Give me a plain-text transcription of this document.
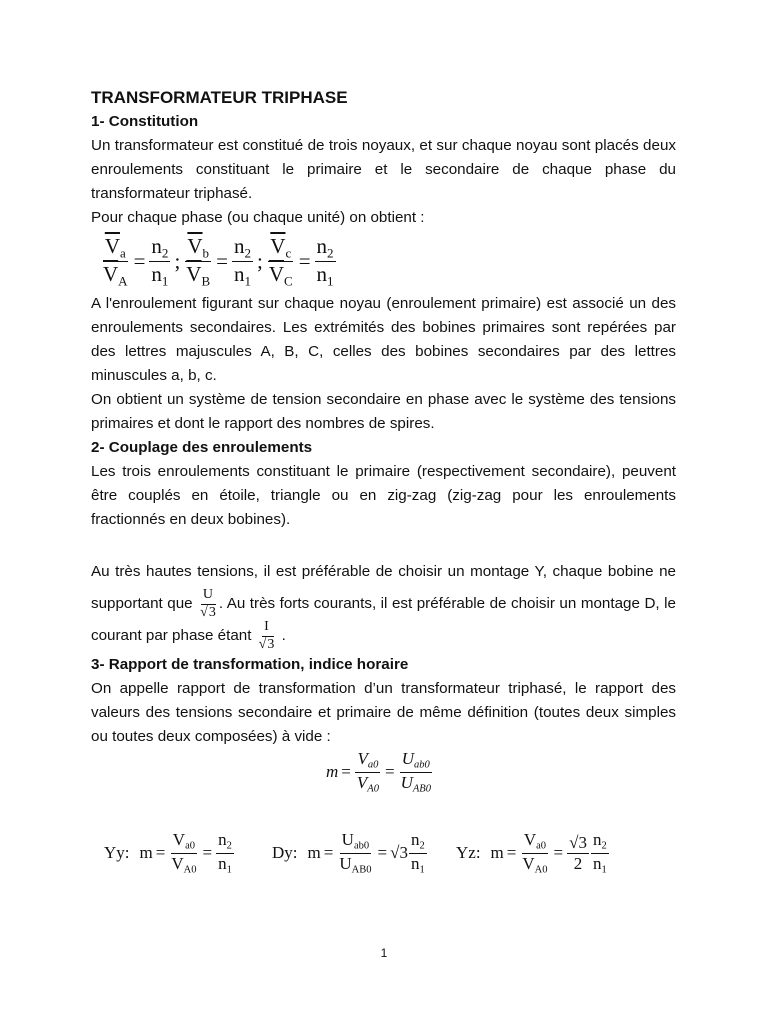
TRANSFORMATEUR TRIPHASE
1- Constitution

Un transformateur est constitué de trois noyaux, et sur chaque noyau sont placés deux enroulements constituant le primaire et le secondaire de chaque phase du transformateur triphasé.

Pour chaque phase (ou chaque unité) on obtient :

A l'enroulement figurant sur chaque noyau (enroulement primaire) est associé un des enroulements secondaires. Les extrémités des bobines primaires sont repérées par des lettres majuscules A, B, C, celles des bobines secondaires par des lettres minuscules a, b, c.

On obtient un système de tension secondaire en phase avec le système des tensions primaires et dont le rapport des nombres de spires.

2- Couplage des enroulements

Les trois enroulements constituant le primaire (respectivement secondaire), peuvent être couplés en étoile, triangle ou en zig-zag (zig-zag pour les enroulements fractionnés en deux bobines).

Au très hautes tensions, il est préférable de choisir un montage Y, chaque bobine ne supportant que $\frac{U}{√3}$ . Au très forts courants, il est préférable de choisir un montage D, le courant par phase étant $\frac{I}{√3}$ .

3- Rapport de transformation, indice horaire

On appelle rapport de transformation d’un transformateur triphasé, le rapport des valeurs des tensions secondaire et primaire de même définition (toutes deux simples ou toutes deux composées) à vide :

$\frac{\overline{V}_a}{\overline{V}_A} = \frac{n_2}{n_1}$ ; $\frac{\overline{V}_b}{\overline{V}_B} = \frac{n_2}{n_1}$ ; $\frac{\overline{V}_c}{\overline{V}_C} = \frac{n_2}{n_1}$
$m = \frac{V_{a0}}{V_{A0}} = \frac{U_{ab0}}{U_{AB0}}$
Yy: $m = \frac{V_{a0}}{V_{A0}} = \frac{n_2}{n_1} Dy$: $m = \frac{U_{ab0}}{U_{AB0}} = √3 \frac{n_2}{n_1} Yz$: $m = \frac{V_{a0}}{V_{A0}} = \frac{√3}{2} \frac{n_2}{n_1}$
1
